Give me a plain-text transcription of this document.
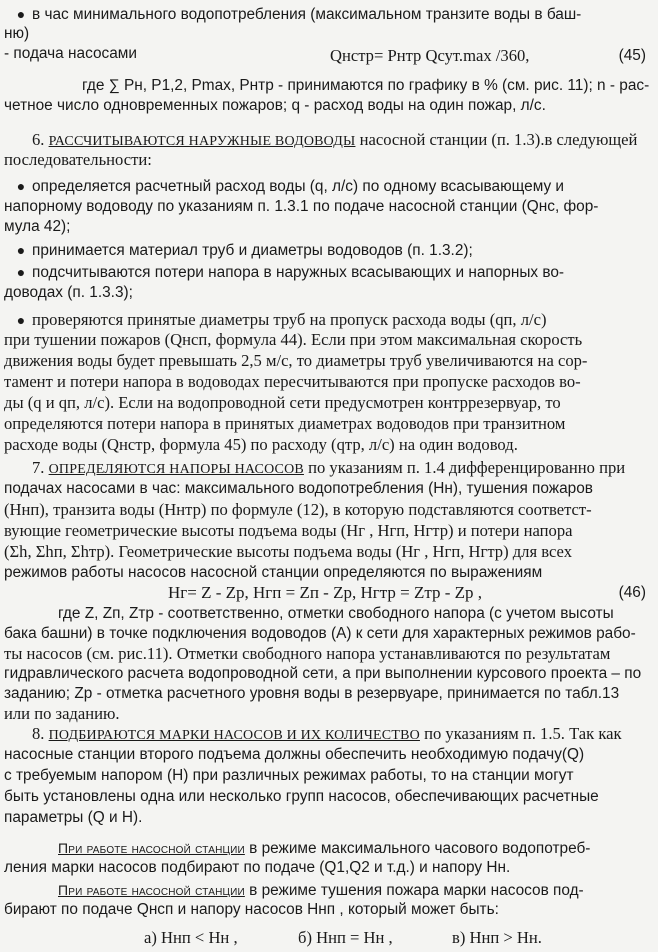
Qнстр= Pнтр Qсут.max /360,	(45)
Hг= Z - Zр, Hгп = Zп - Zр, Hгтр = Zтр - Zр ,	(46)
а) Hнп < Hн ,	б) Hнп = Hн ,	в) Hнп > Hн.
● в час минимального водопотребления (максимальном транзите воды в баш-
ню)
- подача насосами
где ∑ Pн, P1,2, Pmax, Pнтр - принимаются по графику в % (см. рис. 11); n - рас-
четное число одновременных пожаров; q - расход воды на один пожар, л/с.
6. РАССЧИТЫВАЮТСЯ НАРУЖНЫЕ ВОДОВОДЫ насосной станции (п. 1.3).в следующей
последовательности:
● определяется расчетный расход воды (q, л/с) по одному всасывающему и
напорному водоводу по указаниям п. 1.3.1 по подаче насосной станции (Qнс, фор-
мула 42);
● принимается материал труб и диаметры водоводов (п. 1.3.2);
● подсчитываются потери напора в наружных всасывающих и напорных во-
доводах (п. 1.3.3);
● проверяются принятые диаметры труб на пропуск расхода воды (qп, л/с)
при тушении пожаров (Qнсп, формула 44). Если при этом максимальная скорость
движения воды будет превышать 2,5 м/с, то диаметры труб увеличиваются на сор-
тамент и потери напора в водоводах пересчитываются при пропуске расходов во-
ды (q и qп, л/с). Если на водопроводной сети предусмотрен контррезервуар, то
определяются потери напора в принятых диаметрах водоводов при транзитном
расходе воды (Qнстр, формула 45) по расходу (qтр, л/с) на один водовод.
7. ОПРЕДЕЛЯЮТСЯ НАПОРЫ НАСОСОВ по указаниям п. 1.4 дифференцированно при
подачах насосами в час: максимального водопотребления (Hн), тушения пожаров
(Hнп), транзита воды (Hнтр) по формуле (12), в которую подставляются соответст-
вующие геометрические высоты подъема воды (Hг , Hгп, Hгтр) и потери напора
(Σh, Σhп, Σhтр). Геометрические высоты подъема воды (Hг , Hгп, Hгтр) для всех
режимов работы насосов насосной станции определяются по выражениям
где Z, Zп, Zтр - соответственно, отметки свободного напора (с учетом высоты
бака башни) в точке подключения водоводов (А) к сети для характерных режимов рабо-
ты насосов (см. рис.11). Отметки свободного напора устанавливаются по результатам
гидравлического расчета водопроводной сети, а при выполнении курсового проекта – по
заданию; Zр - отметка расчетного уровня воды в резервуаре, принимается по табл.13
или по заданию.
8. ПОДБИРАЮТСЯ МАРКИ НАСОСОВ И ИХ КОЛИЧЕСТВО по указаниям п. 1.5. Так как
насосные станции второго подъема должны обеспечить необходимую подачу(Q)
с требуемым напором (Н) при различных режимах работы, то на станции могут
быть установлены одна или несколько групп насосов, обеспечивающих расчетные
параметры (Q и Н).
При работе насосной станции в режиме максимального часового водопотреб-
ления марки насосов подбирают по подаче (Q1,Q2 и т.д.) и напору Hн.
При работе насосной станции в режиме тушения пожара марки насосов под-
бирают по подаче Qнсп и напору насосов Hнп , который может быть:
